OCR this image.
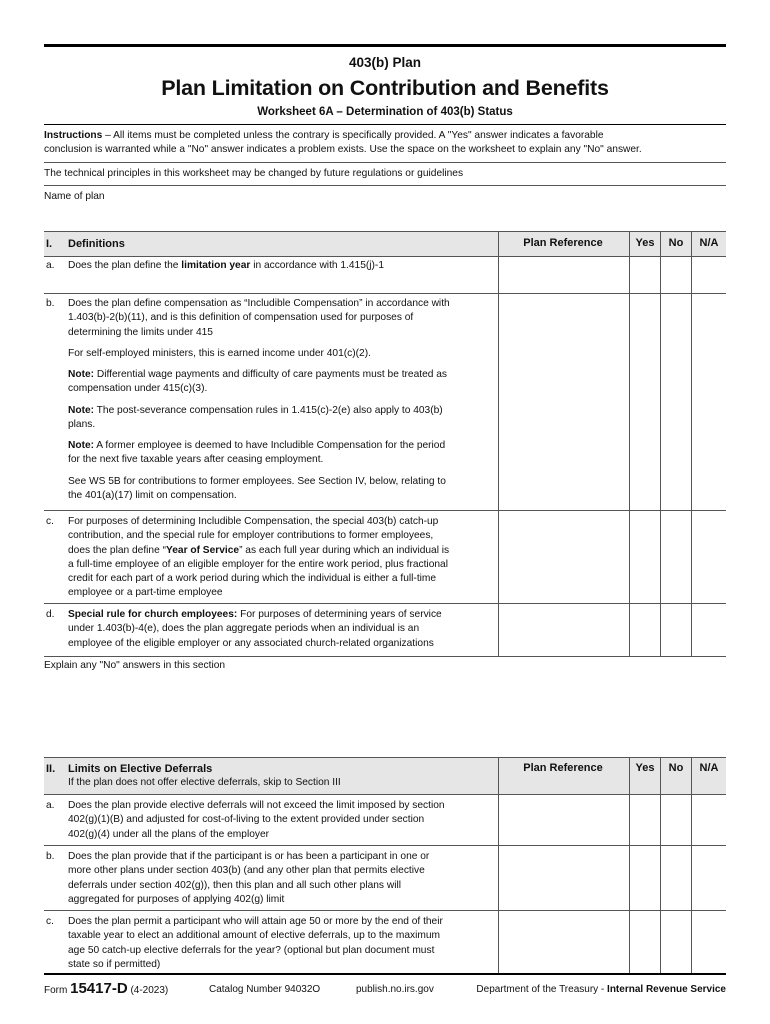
403(b) Plan
Plan Limitation on Contribution and Benefits
Worksheet 6A – Determination of 403(b) Status
Instructions – All items must be completed unless the contrary is specifically provided. A "Yes" answer indicates a favorable
conclusion is warranted while a "No" answer indicates a problem exists. Use the space on the worksheet to explain any "No" answer.
The technical principles in this worksheet may be changed by future regulations or guidelines
Name of plan
I. Definitions	Plan Reference	Yes	No	N/A
a. Does the plan define the limitation year in accordance with 1.415(j)-1
b. Does the plan define compensation as “Includible Compensation” in accordance with
1.403(b)-2(b)(11), and is this definition of compensation used for purposes of
determining the limits under 415
For self-employed ministers, this is earned income under 401(c)(2).
Note: Differential wage payments and difficulty of care payments must be treated as
compensation under 415(c)(3).
Note: The post-severance compensation rules in 1.415(c)-2(e) also apply to 403(b)
plans.
Note: A former employee is deemed to have Includible Compensation for the period
for the next five taxable years after ceasing employment.
See WS 5B for contributions to former employees. See Section IV, below, relating to
the 401(a)(17) limit on compensation.
c. For purposes of determining Includible Compensation, the special 403(b) catch-up
contribution, and the special rule for employer contributions to former employees,
does the plan define “Year of Service” as each full year during which an individual is
a full-time employee of an eligible employer for the entire work period, plus fractional
credit for each part of a work period during which the individual is either a full-time
employee or a part-time employee
d. Special rule for church employees: For purposes of determining years of service
under 1.403(b)-4(e), does the plan aggregate periods when an individual is an
employee of the eligible employer or any associated church-related organizations
Explain any "No" answers in this section
II. Limits on Elective Deferrals
If the plan does not offer elective deferrals, skip to Section III
Plan Reference	Yes	No	N/A
a. Does the plan provide elective deferrals will not exceed the limit imposed by section
402(g)(1)(B) and adjusted for cost-of-living to the extent provided under section
402(g)(4) under all the plans of the employer
b. Does the plan provide that if the participant is or has been a participant in one or
more other plans under section 403(b) (and any other plan that permits elective
deferrals under section 402(g)), then this plan and all such other plans will
aggregated for purposes of applying 402(g) limit
c. Does the plan permit a participant who will attain age 50 or more by the end of their
taxable year to elect an additional amount of elective deferrals, up to the maximum
age 50 catch-up elective deferrals for the year? (optional but plan document must
state so if permitted)
Form 15417-D (4-2023)	Catalog Number 94032O	publish.no.irs.gov	Department of the Treasury - Internal Revenue Service
